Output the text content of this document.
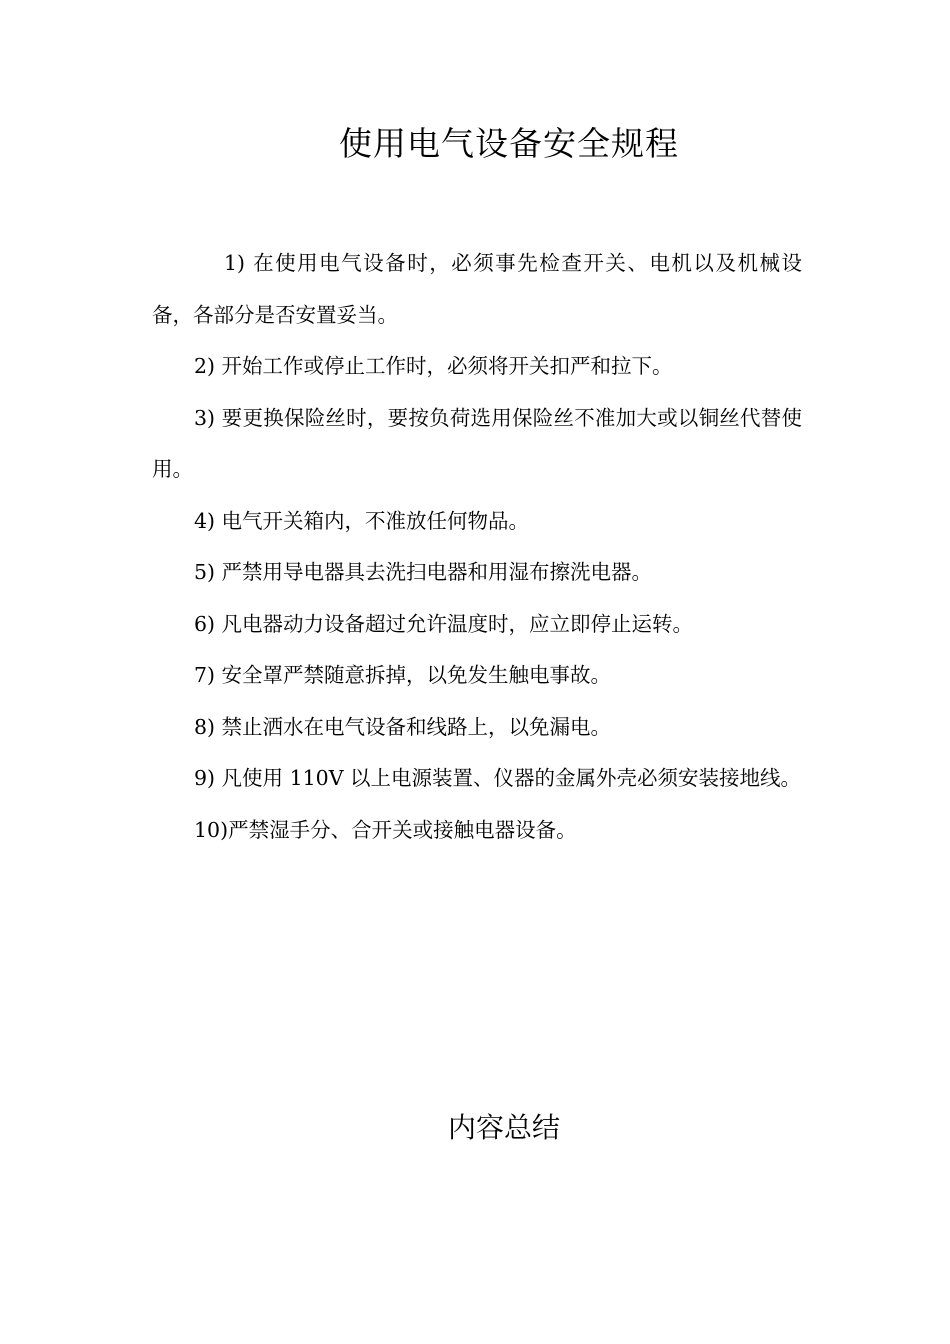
使用电气设备安全规程
1) 在使用电气设备时，必须事先检查开关、电机以及机械设备，各部分是否安置妥当。
2) 开始工作或停止工作时，必须将开关扣严和拉下。
3) 要更换保险丝时，要按负荷选用保险丝不准加大或以铜丝代替使用。
4) 电气开关箱内，不准放任何物品。
5) 严禁用导电器具去洗扫电器和用湿布擦洗电器。
6) 凡电器动力设备超过允许温度时，应立即停止运转。
7) 安全罩严禁随意拆掉，以免发生触电事故。
8) 禁止洒水在电气设备和线路上，以免漏电。
9) 凡使用 110V 以上电源装置、仪器的金属外壳必须安装接地线。
10)严禁湿手分、合开关或接触电器设备。
内容总结
